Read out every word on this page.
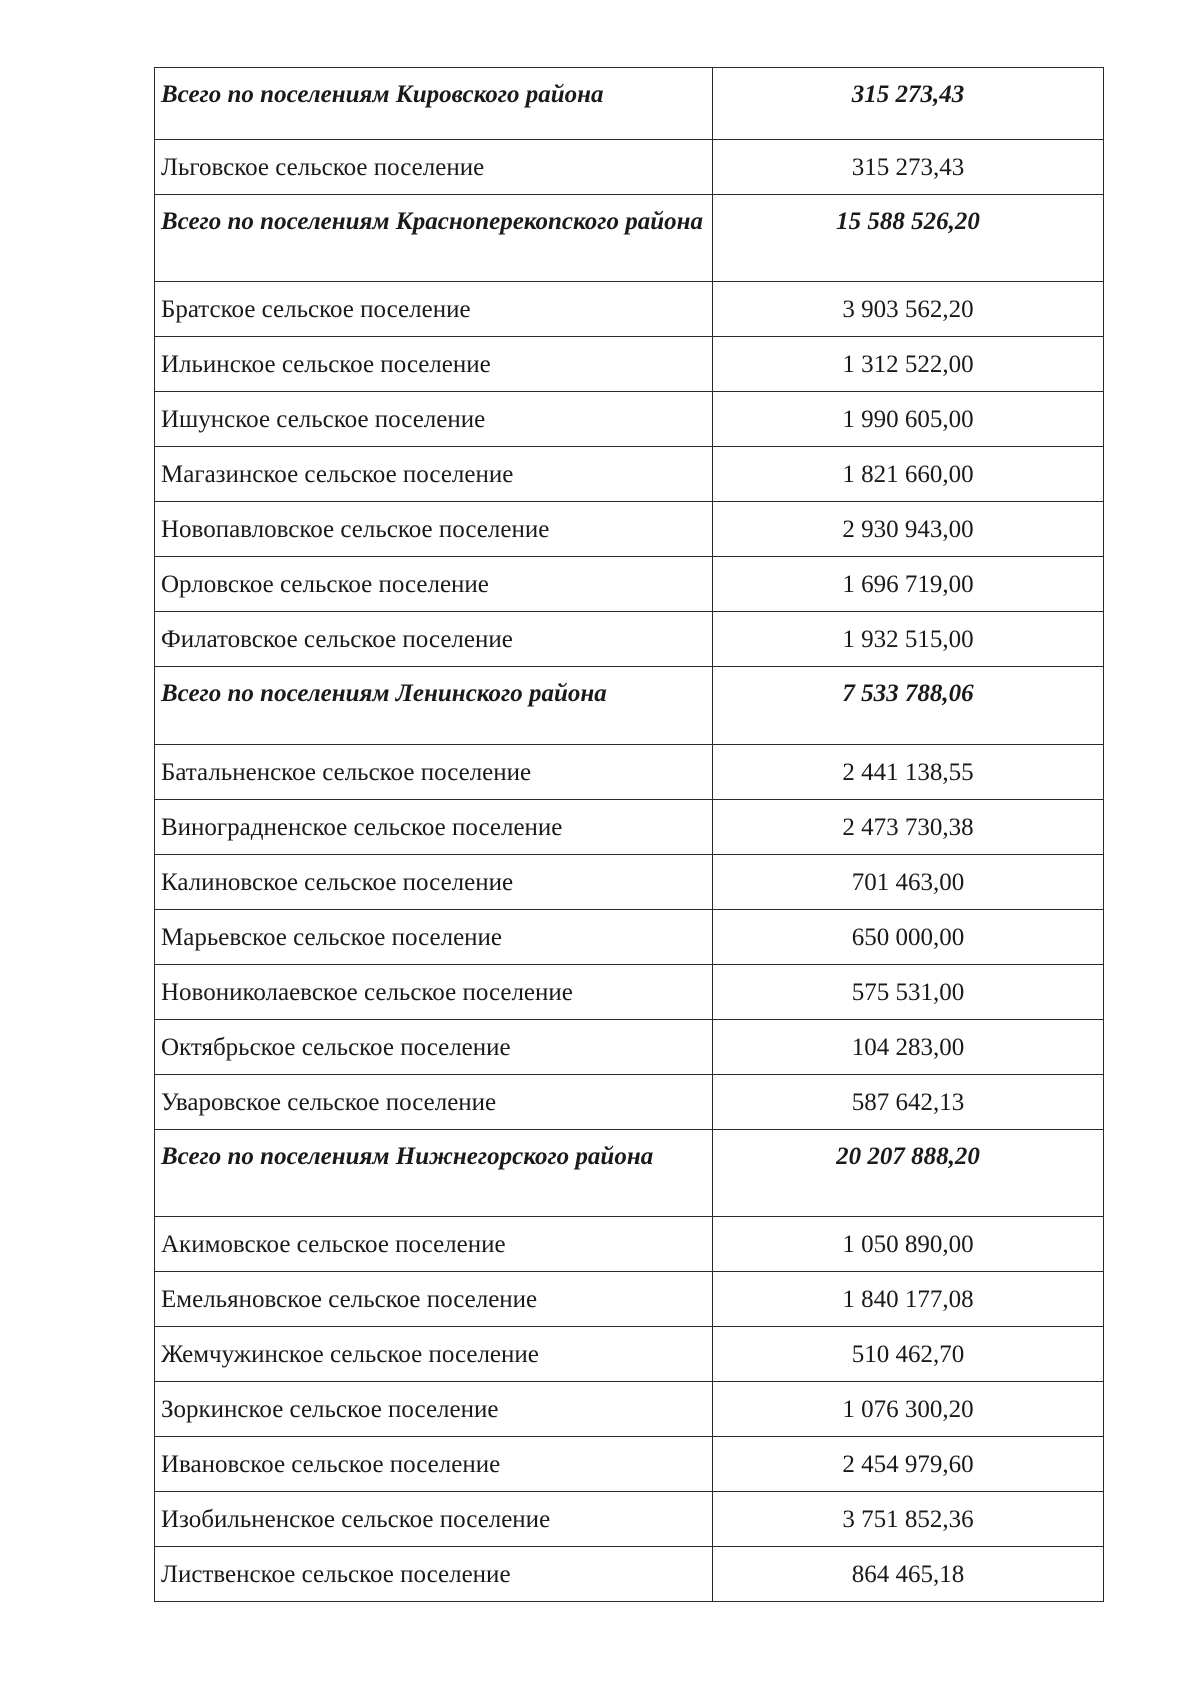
Всего по поселениям Кировского района	315 273,43
Льговское сельское поселение	315 273,43
Всего по поселениям Красноперекопского района	15 588 526,20
Братское сельское поселение	3 903 562,20
Ильинское сельское поселение	1 312 522,00
Ишунское сельское поселение	1 990 605,00
Магазинское сельское поселение	1 821 660,00
Новопавловское сельское поселение	2 930 943,00
Орловское сельское поселение	1 696 719,00
Филатовское сельское поселение	1 932 515,00
Всего по поселениям Ленинского района	7 533 788,06
Батальненское сельское поселение	2 441 138,55
Виноградненское сельское поселение	2 473 730,38
Калиновское сельское поселение	701 463,00
Марьевское сельское поселение	650 000,00
Новониколаевское сельское поселение	575 531,00
Октябрьское сельское поселение	104 283,00
Уваровское сельское поселение	587 642,13
Всего по поселениям Нижнегорского района	20 207 888,20
Акимовское сельское поселение	1 050 890,00
Емельяновское сельское поселение	1 840 177,08
Жемчужинское сельское поселение	510 462,70
Зоркинское сельское поселение	1 076 300,20
Ивановское сельское поселение	2 454 979,60
Изобильненское сельское поселение	3 751 852,36
Лиственское сельское поселение	864 465,18
